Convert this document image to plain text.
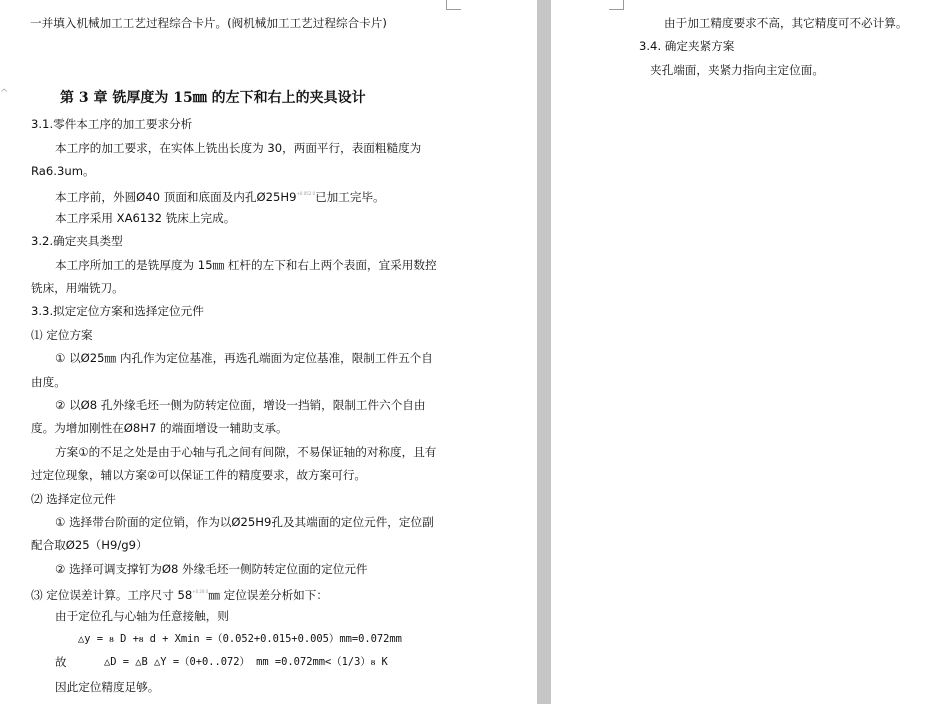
^
一并填入机械加工工艺过程综合卡片。(阀机械加工工艺过程综合卡片)
第 3 章 铣厚度为 15㎜ 的左下和右上的夹具设计
3.1.零件本工序的加工要求分析
本工序的加工要求，在实体上铣出长度为 30，两面平行，表面粗糙度为
Ra6.3um。
本工序前，外圆Ø40 顶面和底面及内孔$Ø25H9^{+0.052 0}$已加工完毕。
本工序采用 XA6132 铣床上完成。
3.2.确定夹具类型
本工序所加工的是铣厚度为 15㎜ 杠杆的左下和右上两个表面，宜采用数控
铣床，用端铣刀。
3.3.拟定定位方案和选择定位元件
⑴ 定位方案
① 以Ø25㎜ 内孔作为定位基准，再选孔端面为定位基准，限制工件五个自
由度。
② 以Ø8 孔外缘毛坯一侧为防转定位面，增设一挡销，限制工件六个自由
度。为增加刚性在Ø8H7 的端面增设一辅助支承。
方案①的不足之处是由于心轴与孔之间有间隙，不易保证轴的对称度，且有
过定位现象，辅以方案②可以保证工件的精度要求，故方案可行。
⑵ 选择定位元件
① 选择带台阶面的定位销，作为以Ø25H9孔及其端面的定位元件，定位副
配合取Ø25（H9/g9）
② 选择可调支撑钉为Ø8 外缘毛坯一侧防转定位面的定位元件
⑶ 定位误差计算。工序尺寸 $58^{+0.28 0}㎜$ 定位误差分析如下：
由于定位孔与心轴为任意接触，则
△y = ᴕ D +ᴕ d + Xmin =（0.052+0.015+0.005）mm=0.072mm
故	△D = △B △Y =（0+0..072） mm =0.072mm<（1/3）ᴕ K
因此定位精度足够。
由于加工精度要求不高，其它精度可不必计算。
3.4. 确定夹紧方案
夹孔端面，夹紧力指向主定位面。
